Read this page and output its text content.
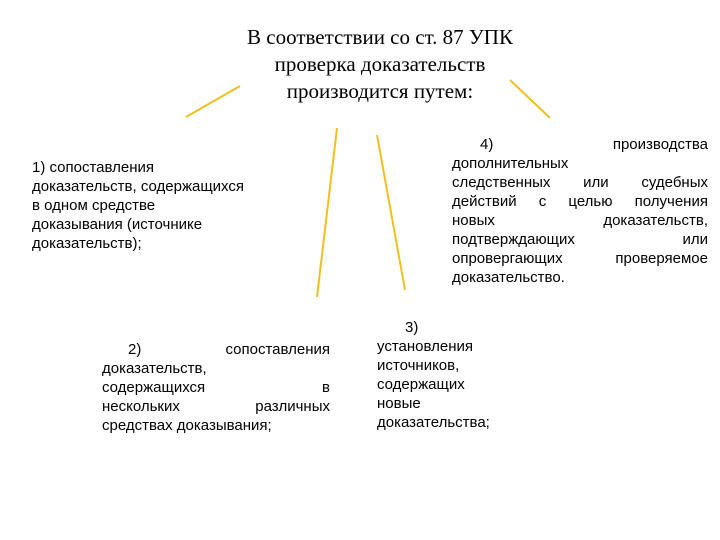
В соответствии со ст. 87 УПК
проверка доказательств
производится путем:
1) сопоставления
доказательств, содержащихся
в одном средстве
доказывания (источнике
доказательств);
2)	сопоставления
доказательств,
содержащихся	в
нескольких	различных
средствах доказывания;
3)
установления
источников,
содержащих
новые
доказательства;
4)	производства
дополнительных
следственных или судебных
действий с целью получения
новых	доказательств,
подтверждающих	или
опровергающих	проверяемое
доказательство.
